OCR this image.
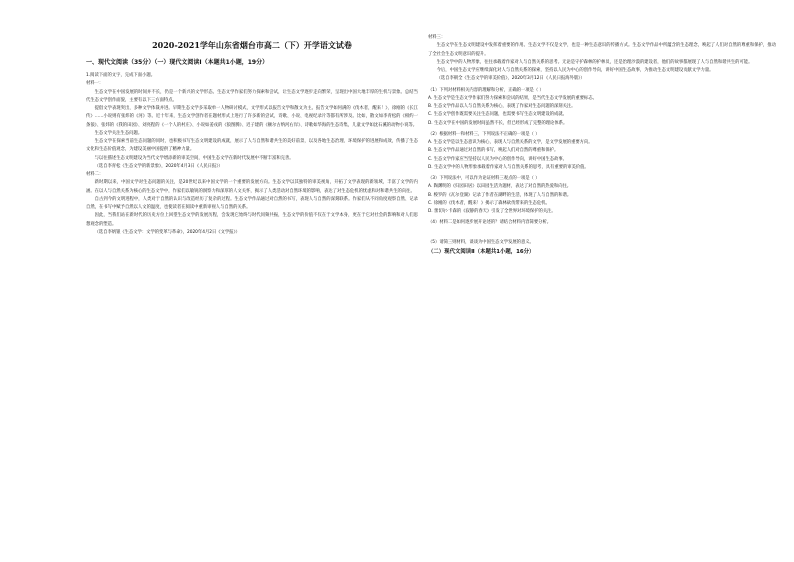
2020-2021学年山东省烟台市高二（下）开学语文试卷
一、现代文阅读（35分）（一）现代文阅读Ⅰ（本题共1小题，19分）

1.阅读下面的文字，完成下面小题。

材料一：

生态文学在中国发展的时间并不长，仍是一个新兴的文学形态。生态文学作家们努力探索和尝试，让生态文学逐步走向繁荣，呈现出中国大地丰厚的生机与景象。总结当代生态文学创作面貌，主要有以下三方面特点。

提倡文学表现突出，多种文学体裁并进。早期生态文学多采取单一人物研讨模式，文学形式以报告文学和散文为主。报告文学如何满的《伐木者，醒来！》、徐刚的《长江传》……小说则有张炜的《河》等。近十年来，生态文学创作者在题材形式上进行了许多新的尝试，诗歌、小说、电视纪录片等都有所涉及。比如，散文如李青松的《相约一条狼》、张炜的《我的田园》、刘亮程的《一个人的村庄》、小说如姜戎的《狼图腾》、迟子建的《额尔古纳河右岸》、诗歌如华海的生态诗集，儿童文学如沈石溪的动物小说等。

生态文学关注生态问题。

生态文学在探索当前生态问题的同时，也积极书写生态文明建设的成就，展示了人与自然和谐共生的美好前景，以及各地生态治理、环境保护的进展和成效，传播了生态文化和生态价值观念，为建设美丽中国提供了精神力量。

与以往描述生态文明建设为当代文学增添新的审美空间，中国生态文学在新时代发展中不断丰富和完善。

（选自李青松《生态文学的新景象》，2020年4月3日《人民日报》）

材料二：

新时期以来，中国文学对生态问题的关注，是20世纪以来中国文学的一个重要的发展方向。生态文学以其独特的审美视角，开拓了文学表现的新领域，丰富了文学的内涵。在以人与自然关系为核心的生态文学中，作家们以敏锐的洞察力和深厚的人文关怀，揭示了人类活动对自然环境的影响，表达了对生态危机的忧虑和对和谐共生的向往。

自古到今的文明进程中，人类对于自然的认识与改造经历了复杂的过程。生态文学作品通过对自然的书写，表现人与自然的深刻联系。作家们从不同角度观察自然、记录自然，在书写中赋予自然以人文的温度，也使读者在阅读中重新审视人与自然的关系。

因此，当我们站在新时代的历史方位上回望生态文学的发展历程，会发现它始终与时代同频共振，生态文学的价值不仅在于文学本身，更在于它对社会的影响和对人们思想观念的塑造。

（选自李炳银《生态文学：文学的变革与革命》，2020年4月2日《文学报》）

材料三：

生态文学在生态文明建设中发挥着重要的作用。生态文学不仅是文学，也是一种生态意识的传播方式。生态文学作品中所蕴含的生态理念，唤起了人们对自然的尊重和保护，推动了全社会生态文明意识的提升。

生态文学中的人物形象，往往承载着作家对人与自然关系的思考。无论是守护森林的护林员，还是治理沙漠的建设者，他们的故事都展现了人与自然和谐共生的可能。

今后，中国生态文学应继续深化对人与自然关系的探索，坚持以人民为中心的创作导向，讲好中国生态故事，为推动生态文明建设贡献文学力量。

（选自李朝全《生态文学的审美价值》，2020年3月12日《人民日报海外版》）

（1）下列对材料相关内容的理解和分析，正确的一项是（ ）

A. 生态文学是生态文学作家们努力探索和尝试的结果，是当代生态文学发展的重要标志。

B. 生态文学作品以人与自然关系为核心，表现了作家对生态问题的深刻关注。

C. 生态文学创作既需要关注生态问题，也需要书写生态文明建设的成就。

D. 生态文学在中国的发展时间虽然不长，但已经形成了完整的理论体系。

（2）根据材料一和材料三，下列说法不正确的一项是（ ）

A. 生态文学是以生态意识为核心，表现人与自然关系的文学，是文学发展的重要方向。

B. 生态文学作品通过对自然的书写，唤起人们对自然的尊重和保护。

C. 生态文学作家应当坚持以人民为中心的创作导向，讲好中国生态故事。

D. 生态文学中的人物形象承载着作家对人与自然关系的思考，具有重要的审美价值。

（3）下列说法中，可以作为论证材料三观点的一项是（ ）

A. 陶渊明的《归园田居》以田园生活为题材，表达了对自然的热爱和向往。

B. 梭罗的《瓦尔登湖》记录了作者在湖畔的生活，体现了人与自然的和谐。

C. 徐刚的《伐木者，醒来！》揭示了森林砍伐带来的生态危机。

D. 蕾切尔·卡森的《寂静的春天》引发了全世界对环境保护的关注。

（4）材料二是如何逐步展开论述的？请结合材料内容简要分析。

（5）请简三则材料，谈谈为中国生态文学发展的意义。

（二）现代文阅读Ⅱ（本题共1小题，16分）
